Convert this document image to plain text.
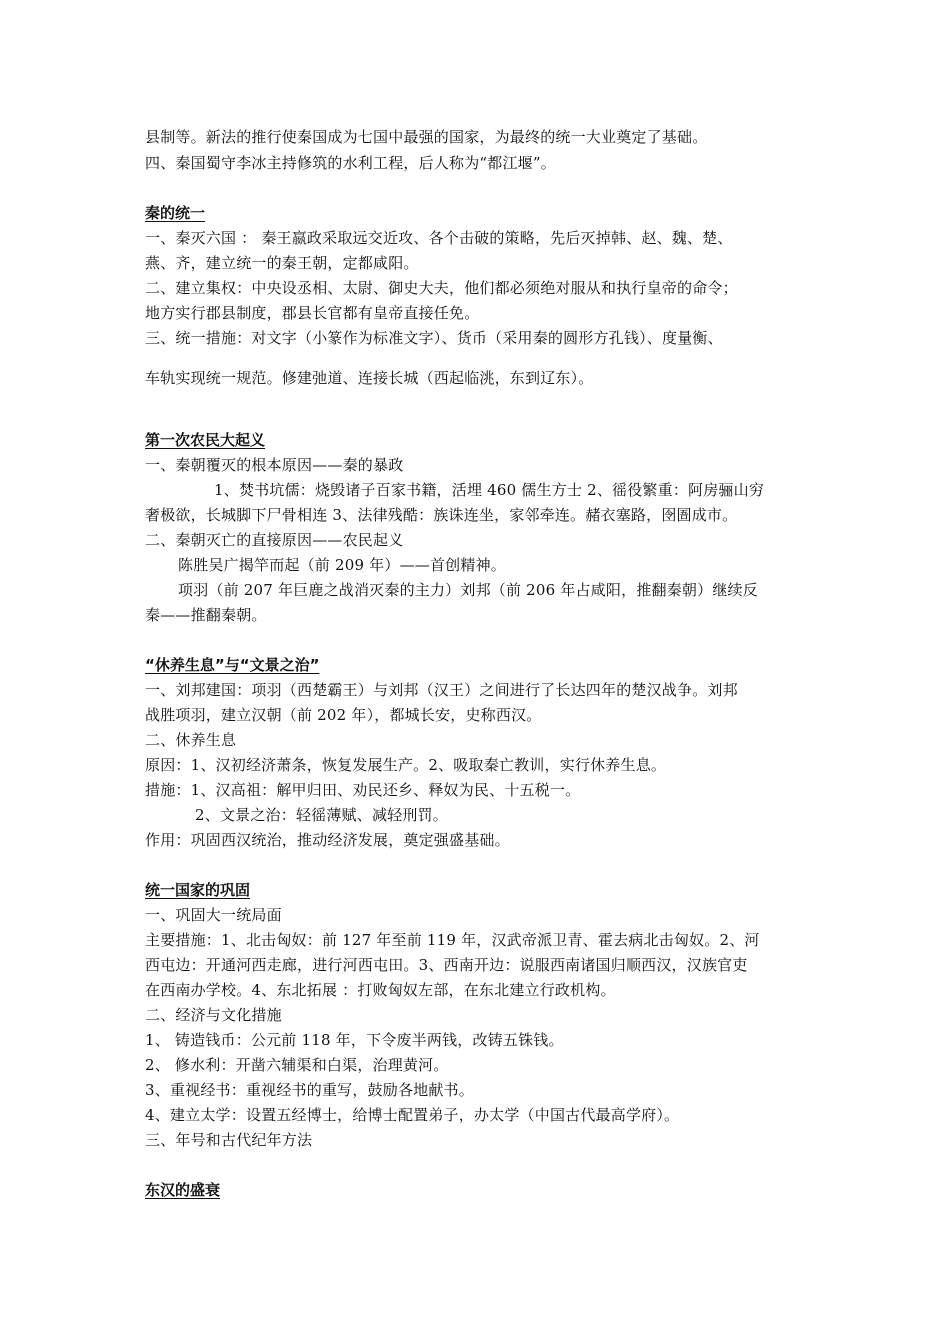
县制等。新法的推行使秦国成为七国中最强的国家，为最终的统一大业奠定了基础。
四、秦国蜀守李冰主持修筑的水利工程，后人称为“都江堰”。
秦的统一
一、秦灭六国 ： 秦王嬴政采取远交近攻、各个击破的策略，先后灭掉韩、赵、魏、楚、
燕、齐，建立统一的秦王朝，定都咸阳。
二、建立集权：中央设丞相、太尉、御史大夫，他们都必须绝对服从和执行皇帝的命令；
地方实行郡县制度，郡县长官都有皇帝直接任免。
三、统一措施：对文字（小篆作为标准文字）、货币（采用秦的圆形方孔钱）、度量衡、
车轨实现统一规范。修建弛道、连接长城（西起临洮，东到辽东）。
第一次农民大起义
一、秦朝覆灭的根本原因——秦的暴政
1、焚书坑儒：烧毁诸子百家书籍，活埋 460 儒生方士 2、徭役繁重：阿房骊山穷
奢极欲，长城脚下尸骨相连 3、法律残酷：族诛连坐，家邻牵连。赭衣塞路，囹圄成市。
二、秦朝灭亡的直接原因——农民起义
陈胜吴广揭竿而起（前 209 年）——首创精神。
项羽（前 207 年巨鹿之战消灭秦的主力）刘邦（前 206 年占咸阳，推翻秦朝）继续反
秦——推翻秦朝。
“休养生息”与“文景之治”
一、刘邦建国：项羽（西楚霸王）与刘邦（汉王）之间进行了长达四年的楚汉战争。刘邦
战胜项羽，建立汉朝（前 202 年），都城长安，史称西汉。
二、休养生息
原因：1、汉初经济萧条，恢复发展生产。2、吸取秦亡教训，实行休养生息。
措施：1、汉高祖：解甲归田、劝民还乡、释奴为民、十五税一。
2、文景之治：轻徭薄赋、减轻刑罚。
作用：巩固西汉统治，推动经济发展，奠定强盛基础。
统一国家的巩固
一、巩固大一统局面
主要措施：1、北击匈奴：前 127 年至前 119 年，汉武帝派卫青、霍去病北击匈奴。2、河
西屯边：开通河西走廊，进行河西屯田。3、西南开边：说服西南诸国归顺西汉，汉族官吏
在西南办学校。4、东北拓展 ：打败匈奴左部，在东北建立行政机构。
二、经济与文化措施
1、 铸造钱币：公元前 118 年，下令废半两钱，改铸五铢钱。
2、 修水利：开凿六辅渠和白渠，治理黄河。
3、重视经书：重视经书的重写，鼓励各地献书。
4、建立太学：设置五经博士，给博士配置弟子，办太学（中国古代最高学府）。
三、年号和古代纪年方法
东汉的盛衰
